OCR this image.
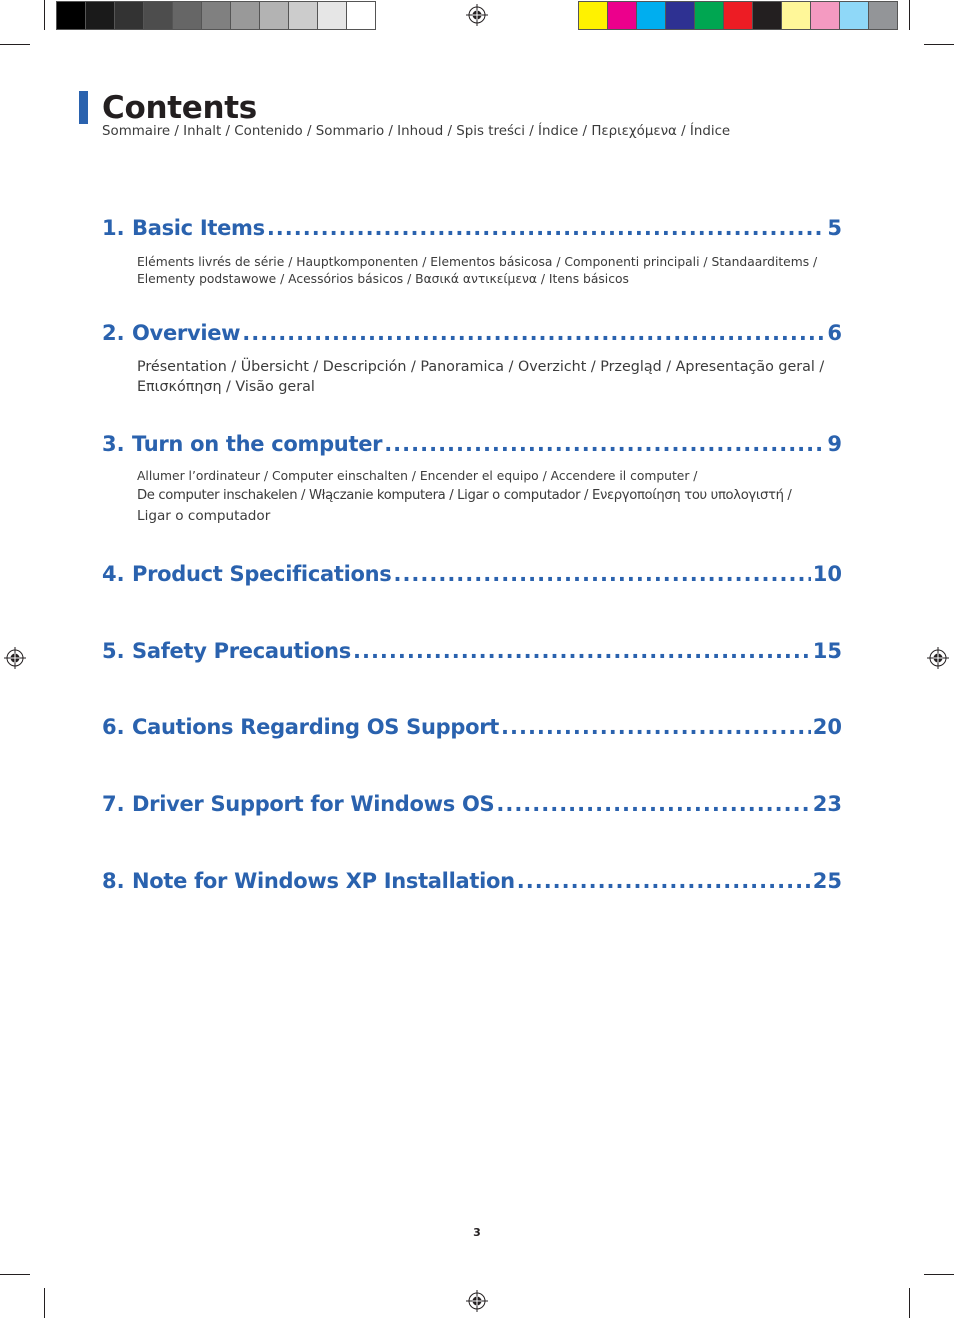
Contents
Sommaire / Inhalt / Contenido / Sommario / Inhoud / Spis treści / Índice / Περιεχόμενα / Índice
1. Basic Items .....	5
Eléments livrés de série / Hauptkomponenten / Elementos básicosa / Componenti principali / Standaarditems /
Elementy podstawowe / Acessórios básicos / Βασικά αντικείμενα / Itens básicos
2. Overview .....	6
Présentation / Übersicht / Descripción / Panoramica / Overzicht / Przegląd / Apresentação geral /
Επισκόπηση / Visão geral
3. Turn on the computer .....	9
Allumer l’ordinateur / Computer einschalten / Encender el equipo / Accendere il computer /
De computer inschakelen / Włączanie komputera / Ligar o computador / Ενεργοποίηση του υπολογιστή /
Ligar o computador
4. Product Specifications .....	10
5. Safety Precautions .....	15
6. Cautions Regarding OS Support .....	20
7. Driver Support for Windows OS .....	23
8. Note for Windows XP Installation .....	25
3
